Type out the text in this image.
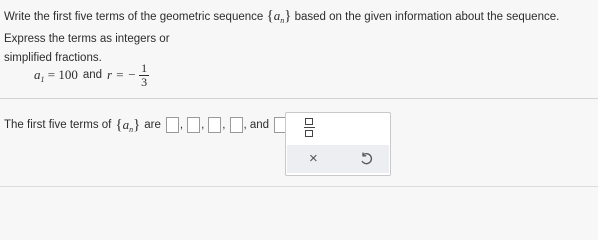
Write the first five terms of the geometric sequence $\{a_n\}$ based on the given information about the sequence. Express the terms as integers or
simplified fractions.
$a_1 = 100$ and r = − $\frac{1}{3}$
The first five terms of $\{a_n\}$ are , , , , and
×
